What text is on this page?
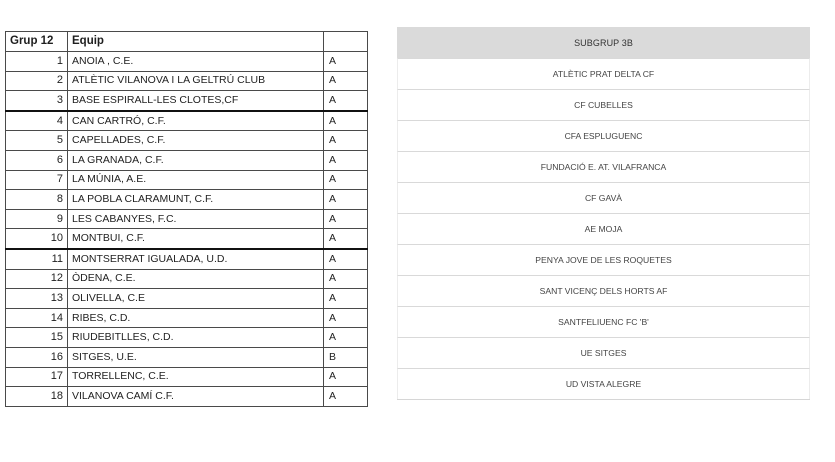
Grup 12	Equip	
1	ANOIA , C.E.	A
2	ATLÈTIC VILANOVA I LA GELTRÚ CLUB	A
3	BASE ESPIRALL-LES CLOTES,CF	A
4	CAN CARTRÓ, C.F.	A
5	CAPELLADES, C.F.	A
6	LA GRANADA, C.F.	A
7	LA MÚNIA, A.E.	A
8	LA POBLA CLARAMUNT, C.F.	A
9	LES CABANYES, F.C.	A
10	MONTBUI, C.F.	A
11	MONTSERRAT IGUALADA, U.D.	A
12	ÒDENA, C.E.	A
13	OLIVELLA, C.E	A
14	RIBES, C.D.	A
15	RIUDEBITLLES, C.D.	A
16	SITGES, U.E.	B
17	TORRELLENC, C.E.	A
18	VILANOVA CAMÍ C.F.	A
SUBGRUP 3B
ATLÈTIC PRAT DELTA CF
CF CUBELLES
CFA ESPLUGUENC
FUNDACIÓ E. AT. VILAFRANCA
CF GAVÀ
AE MOJA
PENYA JOVE DE LES ROQUETES
SANT VICENÇ DELS HORTS AF
SANTFELIUENC FC 'B'
UE SITGES
UD VISTA ALEGRE
